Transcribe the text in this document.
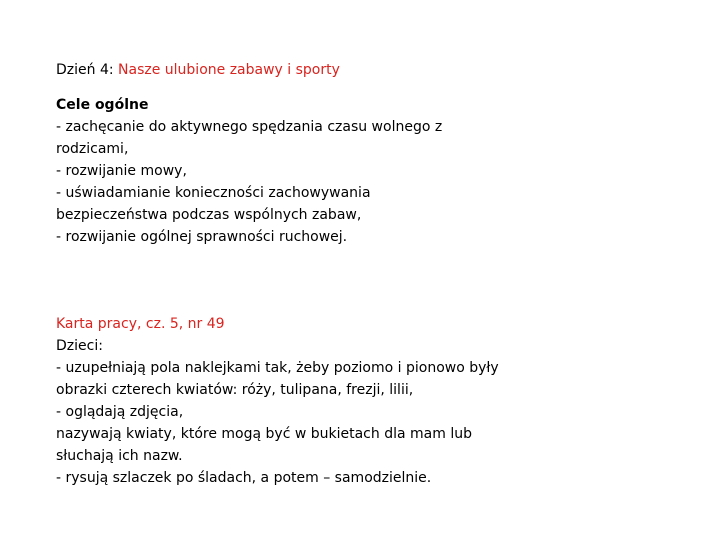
Dzień 4: Nasze ulubione zabawy i sporty
Cele ogólne
- zachęcanie do aktywnego spędzania czasu wolnego z
rodzicami,
- rozwijanie mowy,
- uświadamianie konieczności zachowywania
bezpieczeństwa podczas wspólnych zabaw,
- rozwijanie ogólnej sprawności ruchowej.
Karta pracy, cz. 5, nr 49
Dzieci:
- uzupełniają pola naklejkami tak, żeby poziomo i pionowo były
obrazki czterech kwiatów: róży, tulipana, frezji, lilii,
- oglądają zdjęcia,
nazywają kwiaty, które mogą być w bukietach dla mam lub
słuchają ich nazw.
- rysują szlaczek po śladach, a potem – samodzielnie.
